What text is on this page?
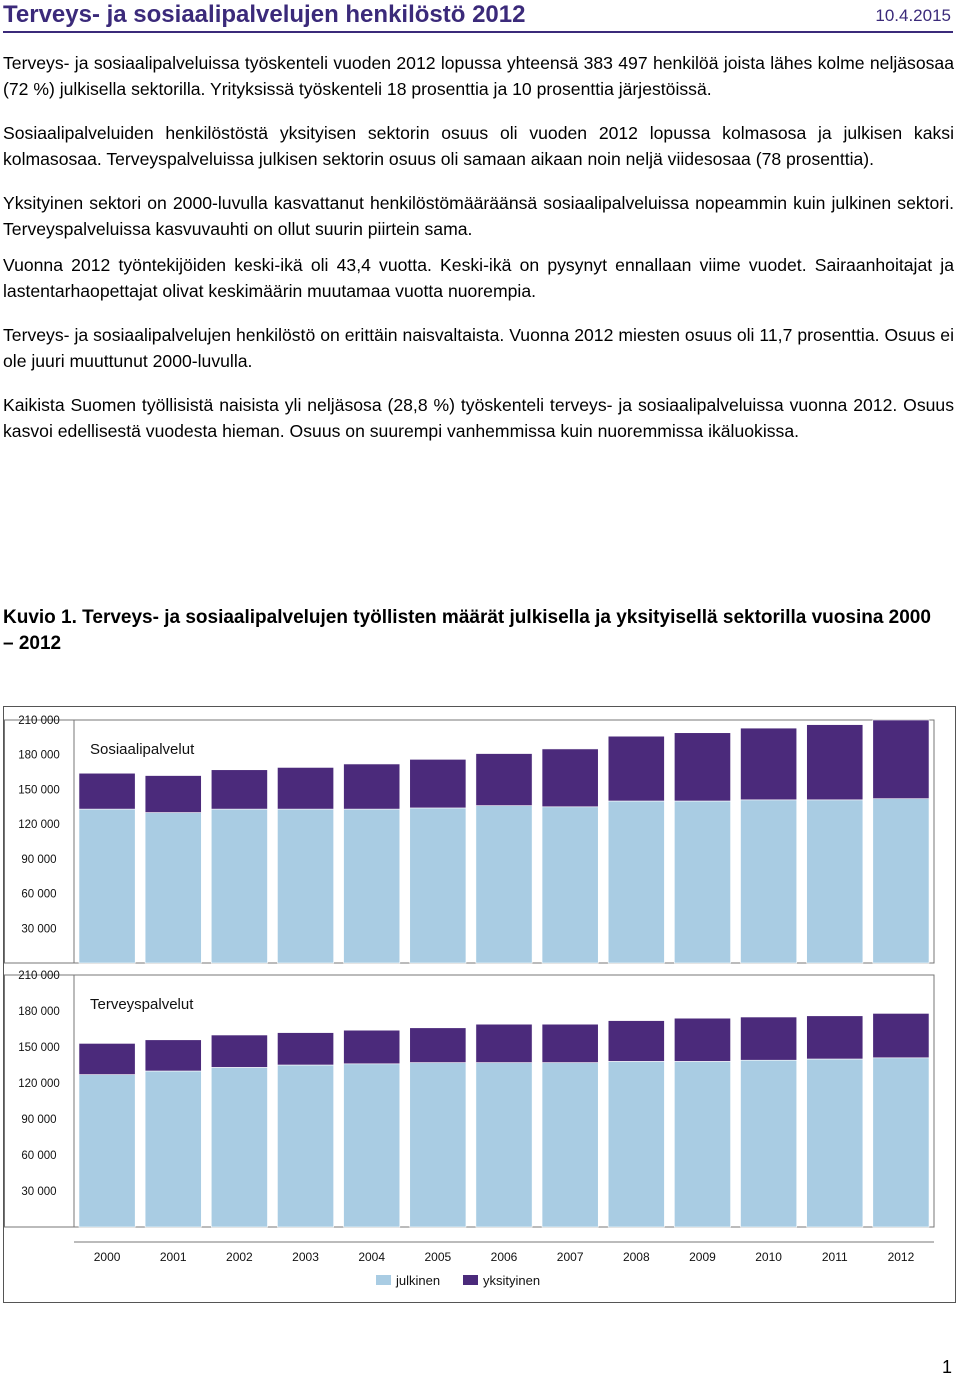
Terveys- ja sosiaalipalvelujen henkilöstö 2012	10.4.2015

Terveys- ja sosiaalipalveluissa työskenteli vuoden 2012 lopussa yhteensä 383 497 henkilöä joista lähes kolme neljäsosaa (72 %) julkisella sektorilla. Yrityksissä työskenteli 18 prosenttia ja 10 prosenttia järjestöissä.

Sosiaalipalveluiden henkilöstöstä yksityisen sektorin osuus oli vuoden 2012 lopussa kolmasosa ja julkisen kaksi kolmasosaa. Terveyspalveluissa julkisen sektorin osuus oli samaan aikaan noin neljä viidesosaa (78 prosenttia).

Yksityinen sektori on 2000-luvulla kasvattanut henkilöstömääräänsä sosiaalipalveluissa nopeammin kuin julkinen sektori. Terveyspalveluissa kasvuvauhti on ollut suurin piirtein sama.

Vuonna 2012 työntekijöiden keski-ikä oli 43,4 vuotta. Keski-ikä on pysynyt ennallaan viime vuodet. Sairaanhoitajat ja lastentarhaopettajat olivat keskimäärin muutamaa vuotta nuorempia.

Terveys- ja sosiaalipalvelujen henkilöstö on erittäin naisvaltaista. Vuonna 2012 miesten osuus oli 11,7 prosenttia. Osuus ei ole juuri muuttunut 2000-luvulla.

Kaikista Suomen työllisistä naisista yli neljäsosa (28,8 %) työskenteli terveys- ja sosiaalipalveluissa vuonna 2012. Osuus kasvoi edellisestä vuodesta hieman. Osuus on suurempi vanhemmissa kuin nuoremmissa ikäluokissa.

Kuvio 1. Terveys- ja sosiaalipalvelujen työllisten määrät julkisella ja yksityisellä sektorilla vuosina 2000 – 2012
30 000
60 000
90 000
120 000
150 000
180 000
210 000
Sosiaalipalvelut
30 000
60 000
90 000
120 000
150 000
180 000
210 000
Terveyspalvelut
2000	2001	2002	2003	2004	2005	2006	2007	2008	2009	2010	2011	2012
julkinen	yksityinen
1
